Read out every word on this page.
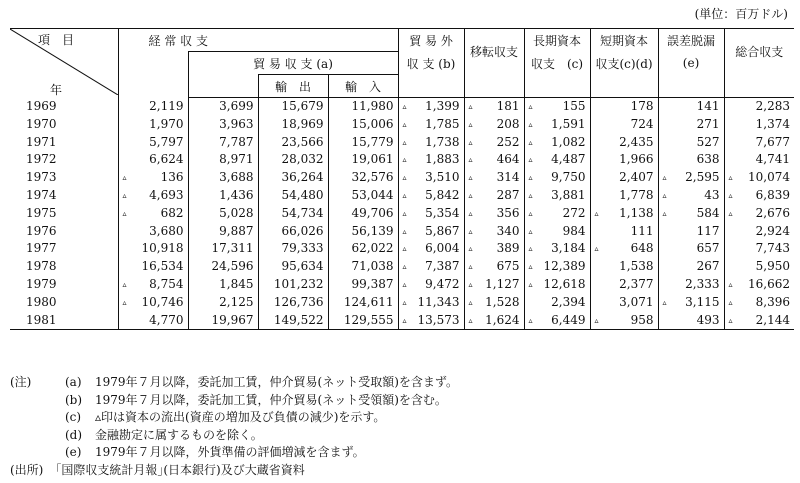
(単位：百万ドル)
項　目
年	経 常 収 支				貿 易 外	移転収支	長期資本	短期資本	誤差脱漏	総合収支
		貿 易 収 支 (a)			収 支 (b)		収支　(c)	収支(c)(d)	(e)	
			輸　出	輸　入						
1969	2,119	3,699	15,679	11,980	▵ 1,399	▵ 181	▵ 155	178	141	2,283

1970	1,970	3,963	18,969	15,006	▵ 1,785	▵ 208	▵ 1,591	724	271	1,374

1971	5,797	7,787	23,566	15,779	▵ 1,738	▵ 252	▵ 1,082	2,435	527	7,677

1972	6,624	8,971	28,032	19,061	▵ 1,883	▵ 464	▵ 4,487	1,966	638	4,741

1973	▵ 136	3,688	36,264	32,576	▵ 3,510	▵ 314	▵ 9,750	2,407	▵ 2,595	▵ 10,074

1974	▵ 4,693	1,436	54,480	53,044	▵ 5,842	▵ 287	▵ 3,881	1,778	▵ 43	▵ 6,839

1975	▵ 682	5,028	54,734	49,706	▵ 5,354	▵ 356	▵ 272	▵ 1,138	▵ 584	▵ 2,676

1976	3,680	9,887	66,026	56,139	▵ 5,867	▵ 340	▵ 984	111	117	2,924

1977	10,918	17,311	79,333	62,022	▵ 6,004	▵ 389	▵ 3,184	▵ 648	657	7,743

1978	16,534	24,596	95,634	71,038	▵ 7,387	▵ 675	▵ 12,389	1,538	267	5,950

1979	▵ 8,754	1,845	101,232	99,387	▵ 9,472	▵ 1,127	▵ 12,618	2,377	2,333	▵ 16,662

1980	▵ 10,746	2,125	126,736	124,611	▵ 11,343	▵ 1,528	2,394	3,071	▵ 3,115	▵ 8,396

1981	4,770	19,967	149,522	129,555	▵ 13,573	▵ 1,624	▵ 6,449	▵ 958	493	▵ 2,144
(注)	(a)	1979年７月以降，委託加工賃，仲介貿易(ネット受取額)を含まず。
(b)	1979年７月以降，委託加工賃，仲介貿易(ネット受領額)を含む。
(c)	▵印は資本の流出(資産の増加及び負債の減少)を示す。
(d)	金融勘定に属するものを除く。
(e)	1979年７月以降，外貨準備の評価増減を含まず。
(出所)　｢国際収支統計月報｣(日本銀行)及び大蔵省資料
